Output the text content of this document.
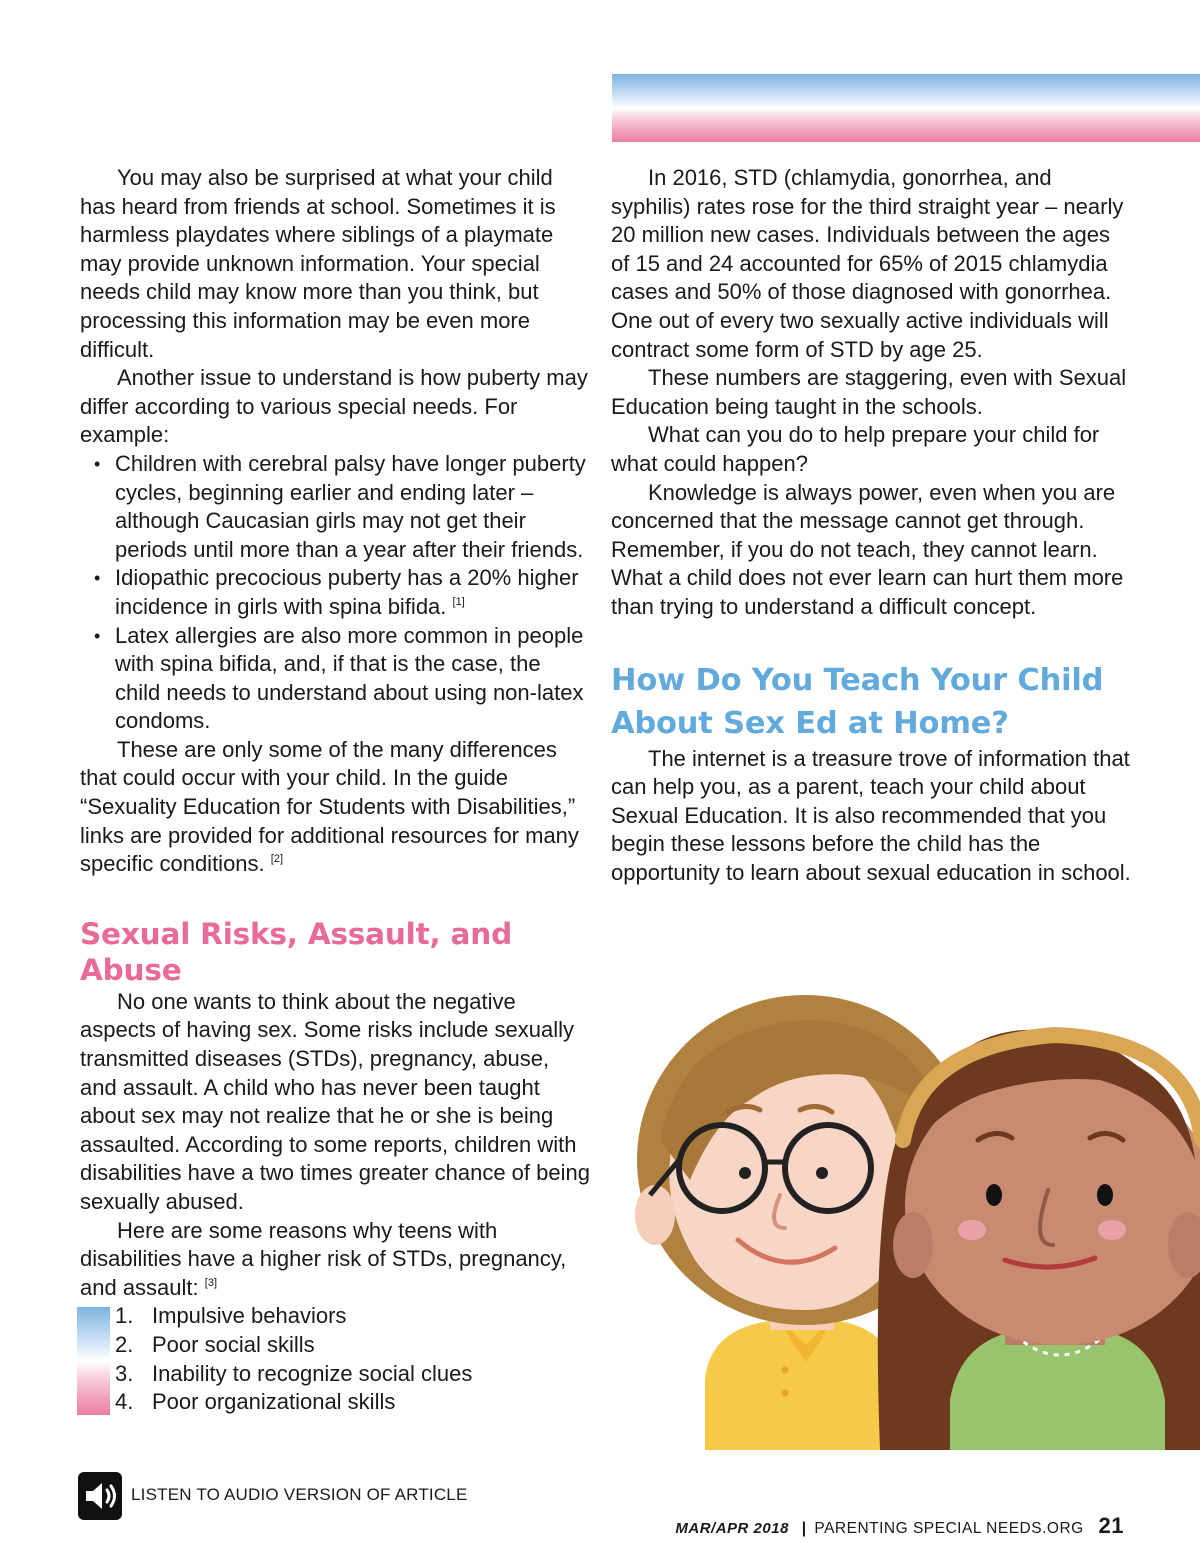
You may also be surprised at what your child has heard from friends at school. Sometimes it is harmless playdates where siblings of a playmate may provide unknown information. Your special needs child may know more than you think, but processing this information may be even more difficult.

Another issue to understand is how puberty may differ according to various special needs. For example:

• Children with cerebral palsy have longer puberty cycles, beginning earlier and ending later – although Caucasian girls may not get their periods until more than a year after their friends.
• Idiopathic precocious puberty has a 20% higher incidence in girls with spina bifida. [1]
• Latex allergies are also more common in people with spina bifida, and, if that is the case, the child needs to understand about using non-latex condoms.

These are only some of the many differences that could occur with your child. In the guide “Sexuality Education for Students with Disabilities,” links are provided for additional resources for many specific conditions. [2]

Sexual Risks, Assault, and Abuse

No one wants to think about the negative aspects of having sex. Some risks include sexually transmitted diseases (STDs), pregnancy, abuse, and assault. A child who has never been taught about sex may not realize that he or she is being assaulted. According to some reports, children with disabilities have a two times greater chance of being sexually abused.

Here are some reasons why teens with disabilities have a higher risk of STDs, pregnancy, and assault: [3]

1. Impulsive behaviors
2. Poor social skills
3. Inability to recognize social clues
4. Poor organizational skills

In 2016, STD (chlamydia, gonorrhea, and syphilis) rates rose for the third straight year – nearly 20 million new cases. Individuals between the ages of 15 and 24 accounted for 65% of 2015 chlamydia cases and 50% of those diagnosed with gonorrhea. One out of every two sexually active individuals will contract some form of STD by age 25.

These numbers are staggering, even with Sexual Education being taught in the schools.

What can you do to help prepare your child for what could happen?

Knowledge is always power, even when you are concerned that the message cannot get through. Remember, if you do not teach, they cannot learn. What a child does not ever learn can hurt them more than trying to understand a difficult concept.

How Do You Teach Your Child About Sex Ed at Home?

The internet is a treasure trove of information that can help you, as a parent, teach your child about Sexual Education. It is also recommended that you begin these lessons before the child has the opportunity to learn about sexual education in school.

LISTEN TO AUDIO VERSION OF ARTICLE
MAR/APR 2018 | PARENTING SPECIAL NEEDS.ORG 21
